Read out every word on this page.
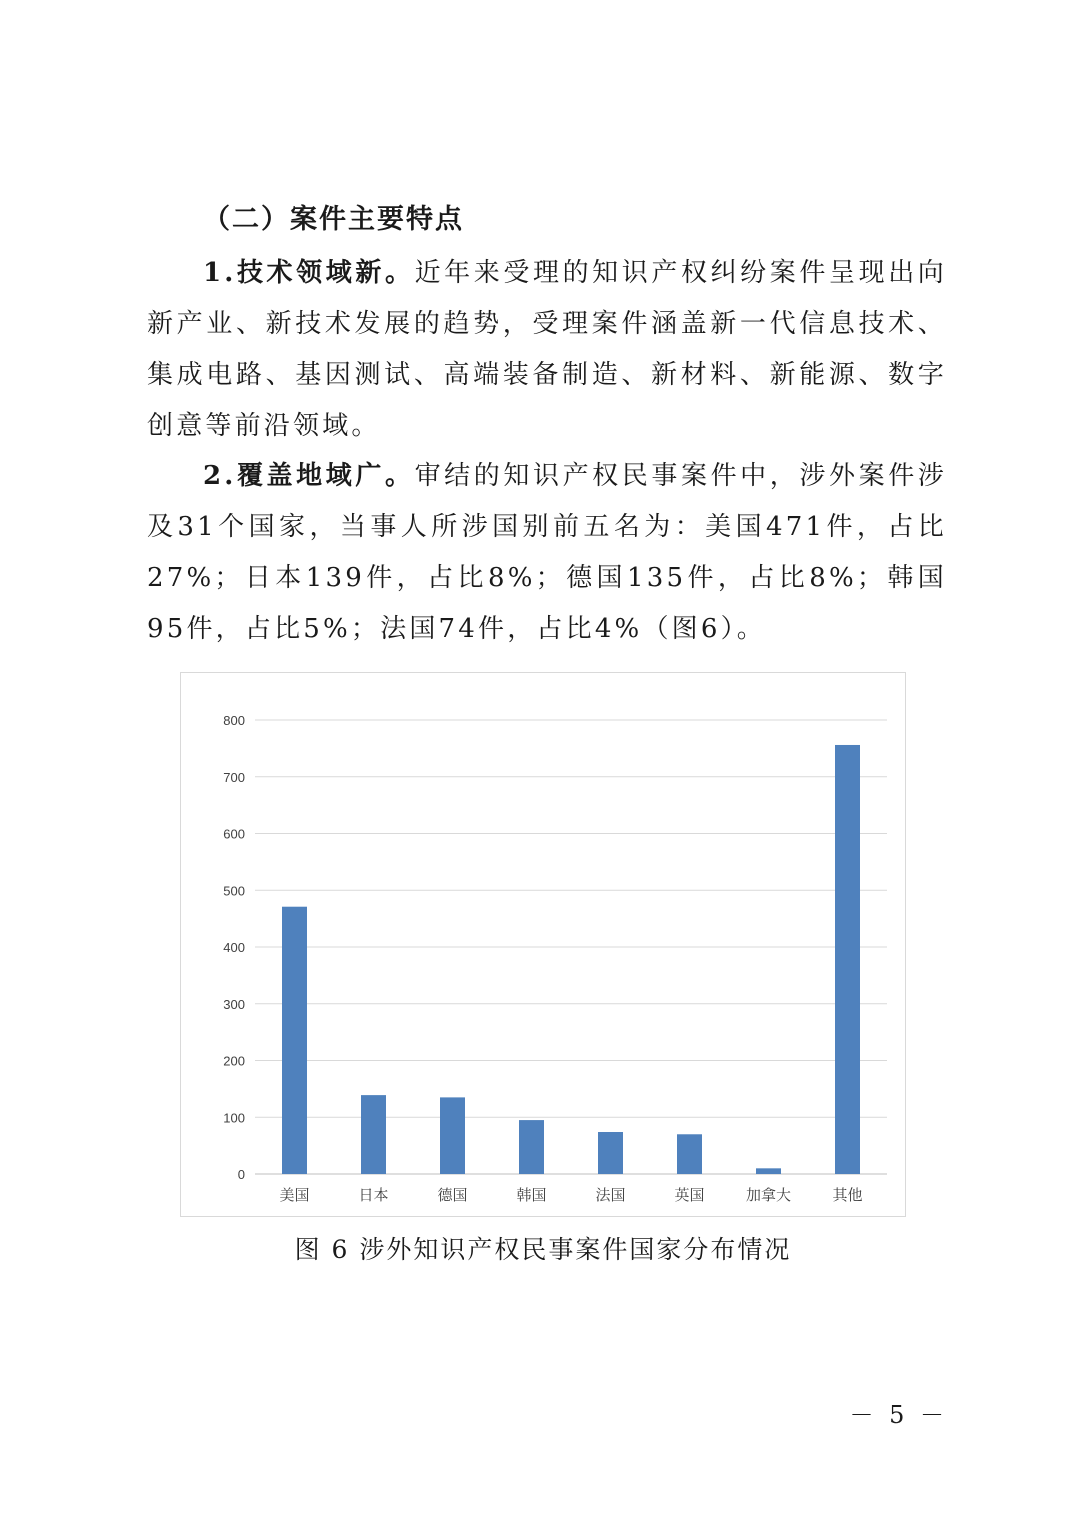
（二）案件主要特点

1.技术领域新。近年来受理的知识产权纠纷案件呈现出向新产业、新技术发展的趋势，受理案件涵盖新一代信息技术、集成电路、基因测试、高端装备制造、新材料、新能源、数字创意等前沿领域。

2.覆盖地域广。审结的知识产权民事案件中，涉外案件涉及31个国家，当事人所涉国别前五名为：美国471件，占比27%；日本139件，占比8%；德国135件，占比8%；韩国95件，占比5%；法国74件，占比4%（图6）。

0
100
200
300
400
500
600
700
800
美国	日本	德国	韩国	法国	英国	加拿大	其他
图 6 涉外知识产权民事案件国家分布情况
－ 5 －
